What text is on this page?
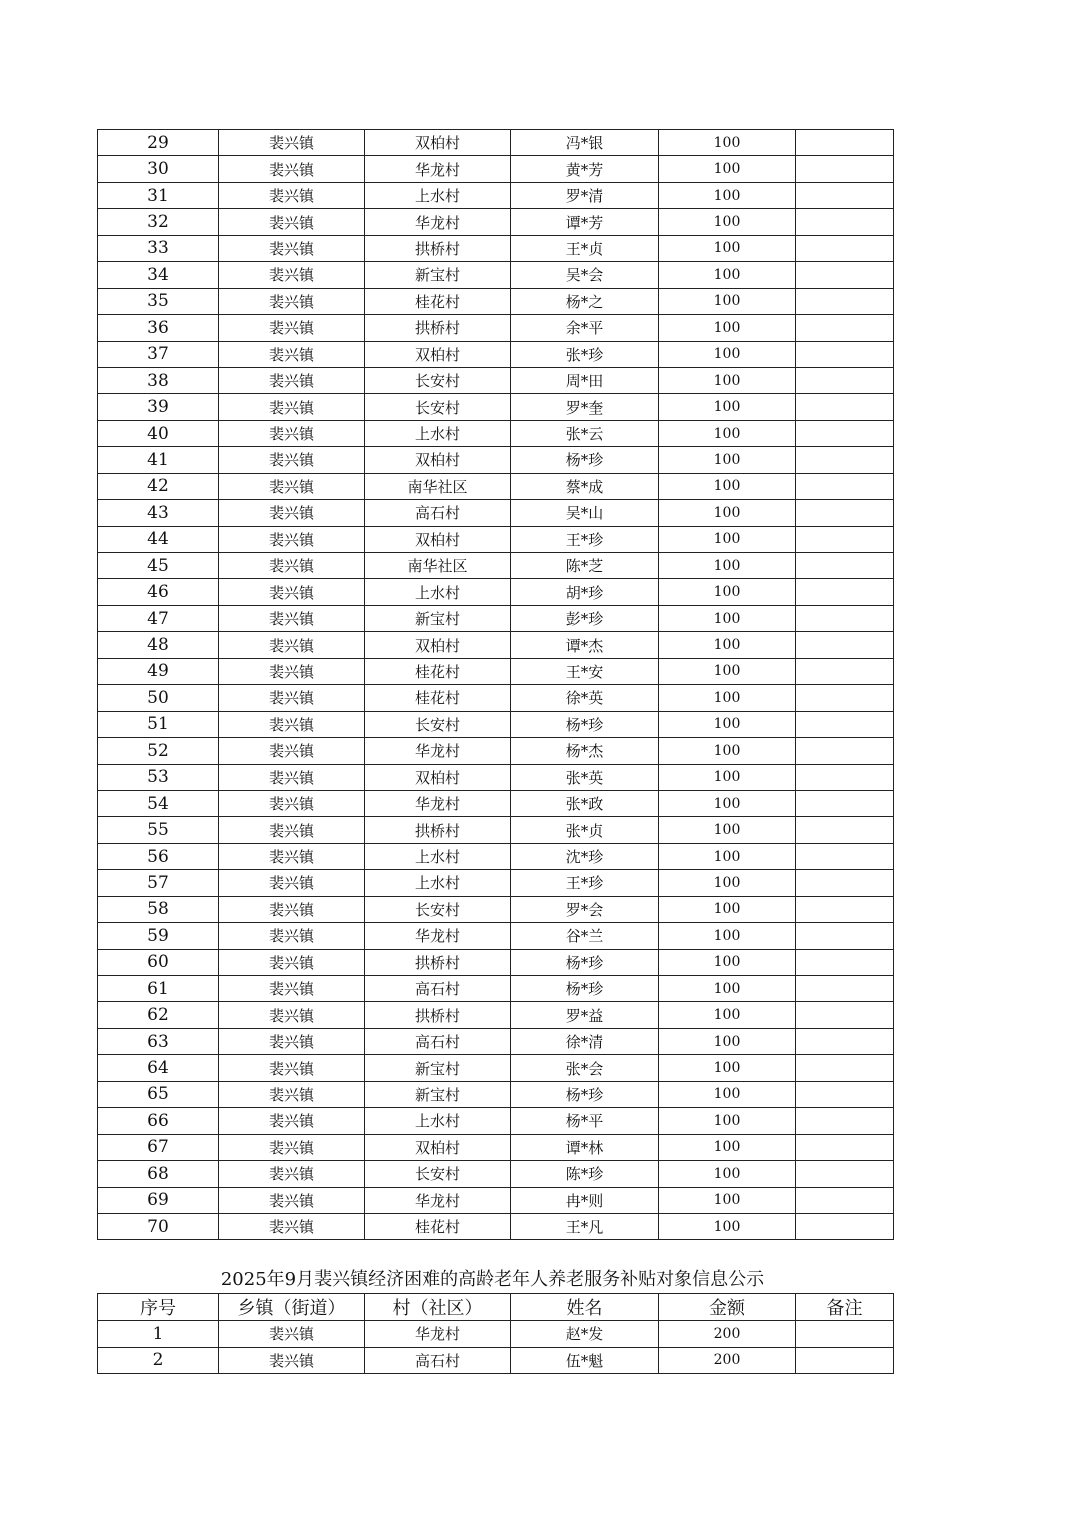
29	裴兴镇	双柏村	冯*银	100	
30	裴兴镇	华龙村	黄*芳	100	
31	裴兴镇	上水村	罗*清	100	
32	裴兴镇	华龙村	谭*芳	100	
33	裴兴镇	拱桥村	王*贞	100	
34	裴兴镇	新宝村	吴*会	100	
35	裴兴镇	桂花村	杨*之	100	
36	裴兴镇	拱桥村	余*平	100	
37	裴兴镇	双柏村	张*珍	100	
38	裴兴镇	长安村	周*田	100	
39	裴兴镇	长安村	罗*奎	100	
40	裴兴镇	上水村	张*云	100	
41	裴兴镇	双柏村	杨*珍	100	
42	裴兴镇	南华社区	蔡*成	100	
43	裴兴镇	高石村	吴*山	100	
44	裴兴镇	双柏村	王*珍	100	
45	裴兴镇	南华社区	陈*芝	100	
46	裴兴镇	上水村	胡*珍	100	
47	裴兴镇	新宝村	彭*珍	100	
48	裴兴镇	双柏村	谭*杰	100	
49	裴兴镇	桂花村	王*安	100	
50	裴兴镇	桂花村	徐*英	100	
51	裴兴镇	长安村	杨*珍	100	
52	裴兴镇	华龙村	杨*杰	100	
53	裴兴镇	双柏村	张*英	100	
54	裴兴镇	华龙村	张*政	100	
55	裴兴镇	拱桥村	张*贞	100	
56	裴兴镇	上水村	沈*珍	100	
57	裴兴镇	上水村	王*珍	100	
58	裴兴镇	长安村	罗*会	100	
59	裴兴镇	华龙村	谷*兰	100	
60	裴兴镇	拱桥村	杨*珍	100	
61	裴兴镇	高石村	杨*珍	100	
62	裴兴镇	拱桥村	罗*益	100	
63	裴兴镇	高石村	徐*清	100	
64	裴兴镇	新宝村	张*会	100	
65	裴兴镇	新宝村	杨*珍	100	
66	裴兴镇	上水村	杨*平	100	
67	裴兴镇	双柏村	谭*林	100	
68	裴兴镇	长安村	陈*珍	100	
69	裴兴镇	华龙村	冉*则	100	
70	裴兴镇	桂花村	王*凡	100	
2025年9月裴兴镇经济困难的高龄老年人养老服务补贴对象信息公示
序号	乡镇（街道）	村（社区）	姓名	金额	备注
1	裴兴镇	华龙村	赵*发	200	
2	裴兴镇	高石村	伍*魁	200	
